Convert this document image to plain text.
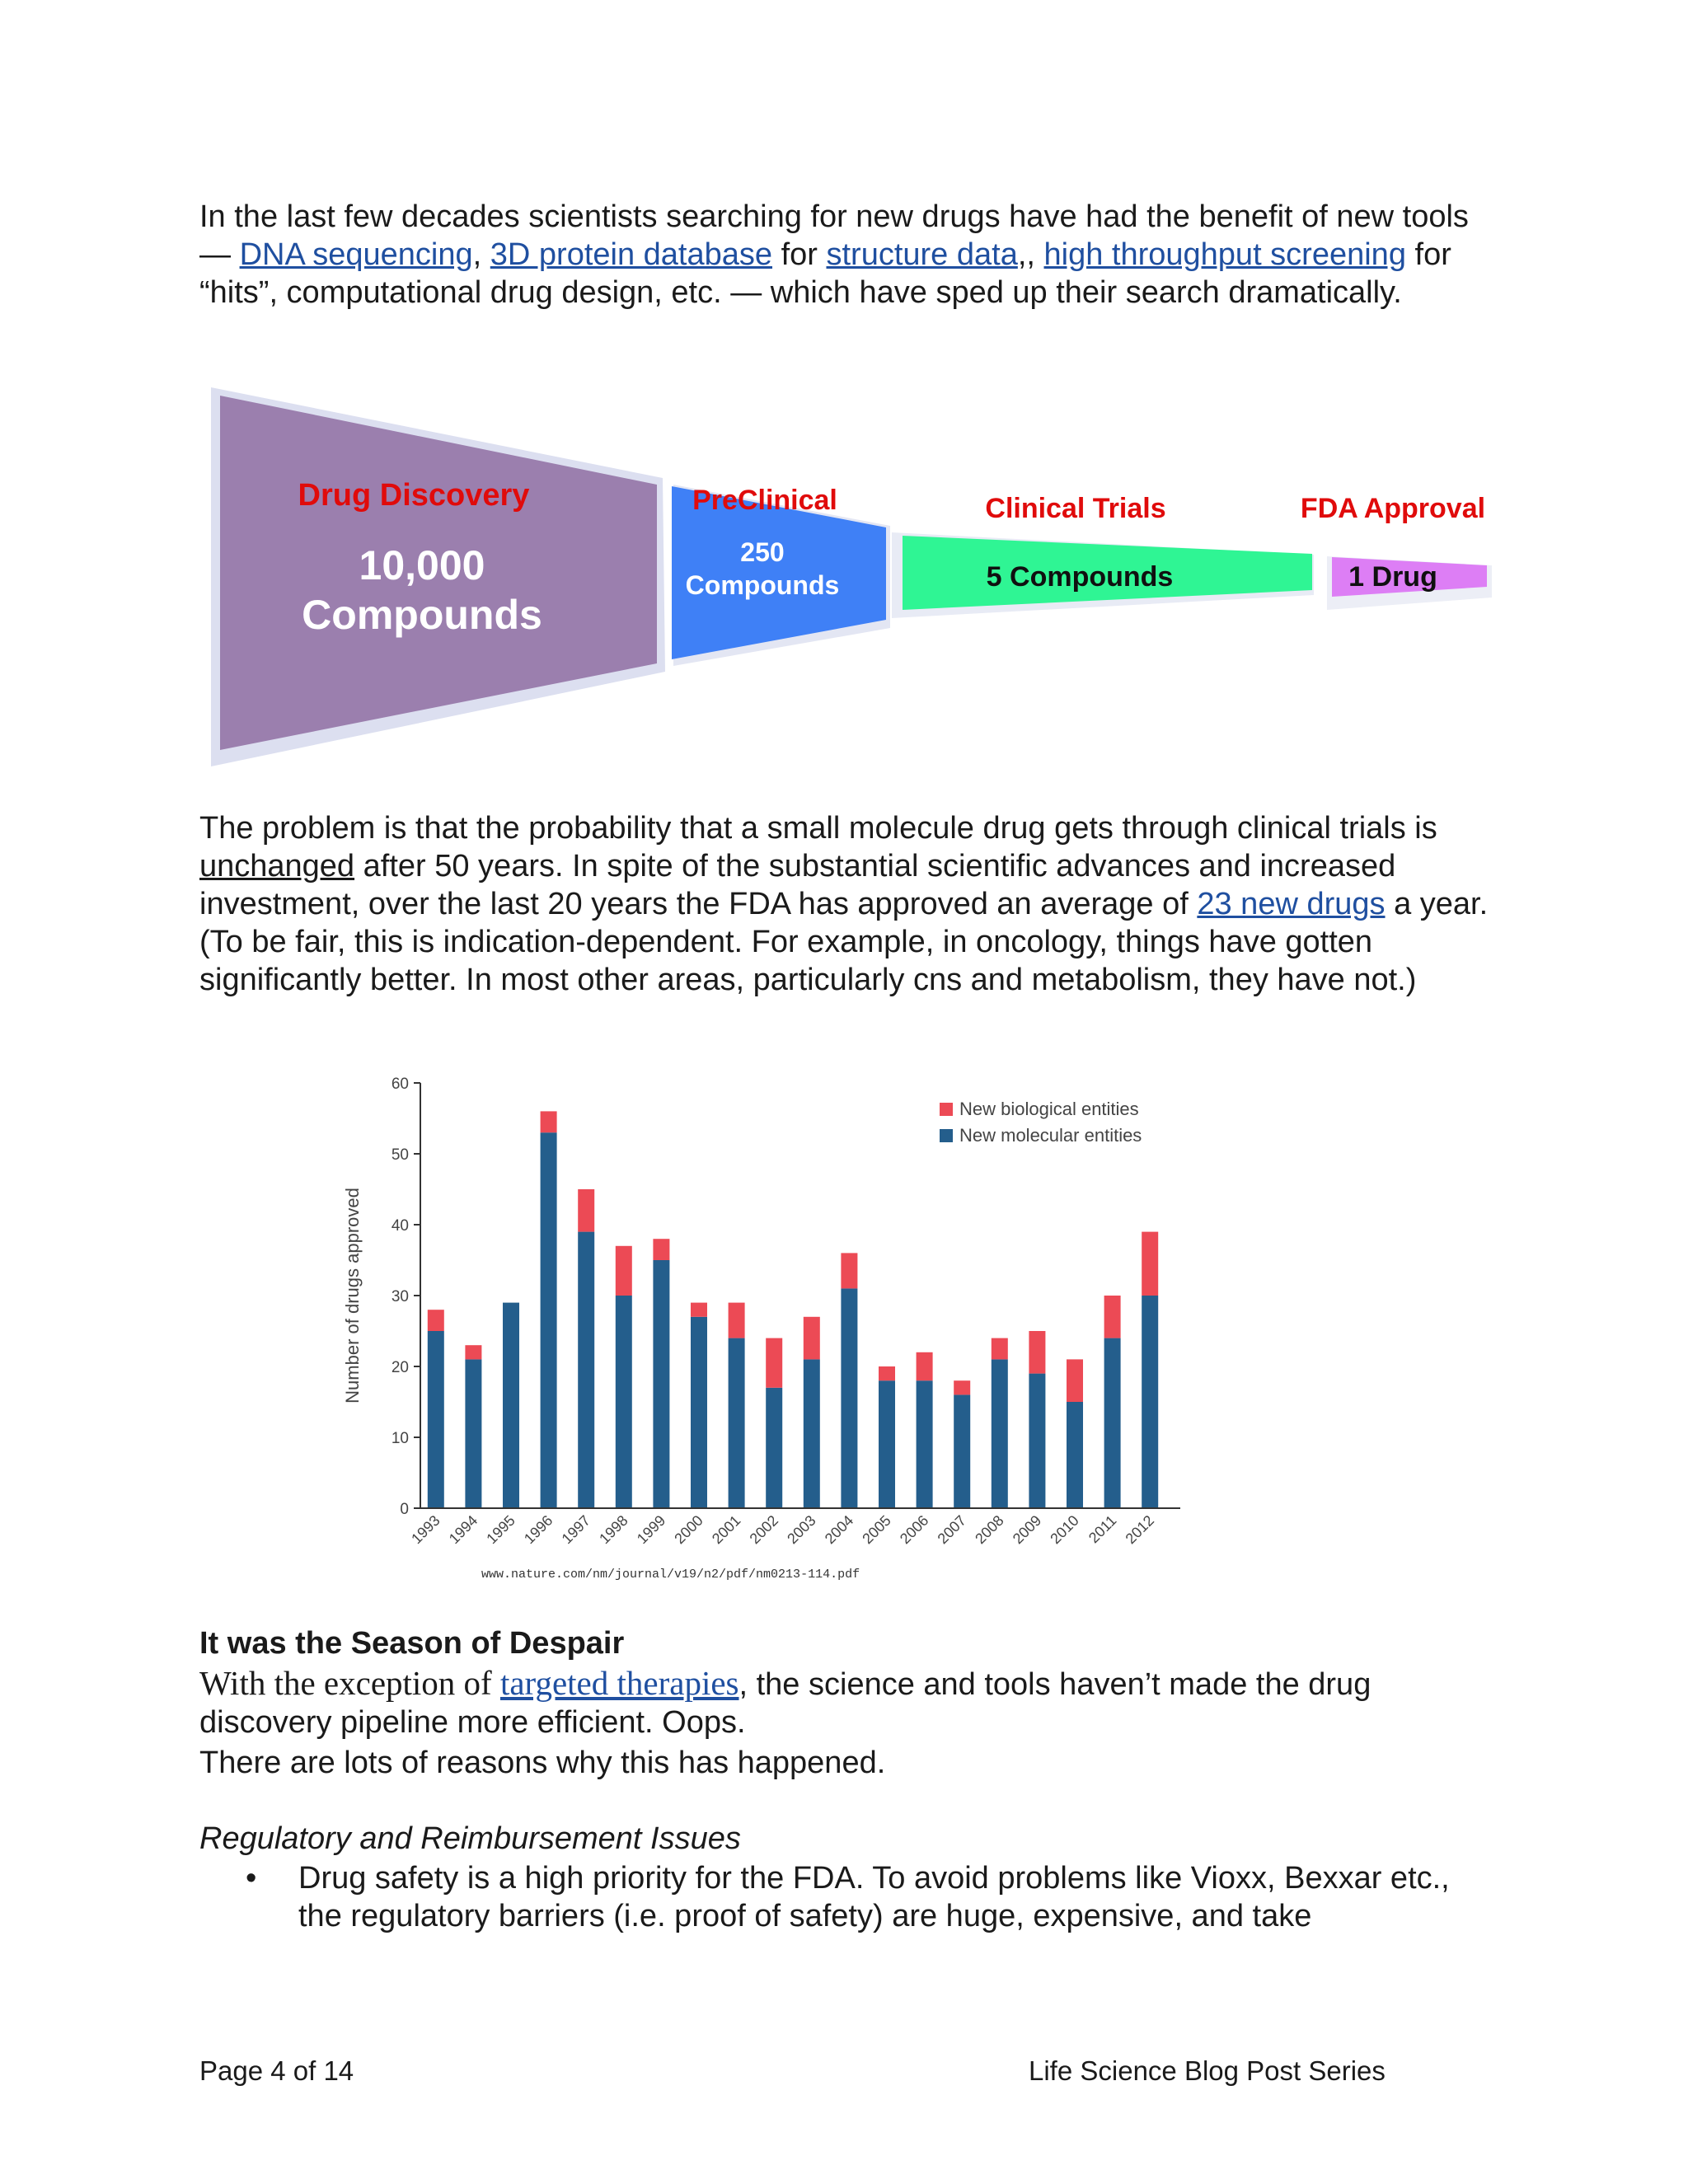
In the last few decades scientists searching for new drugs have had the benefit of new tools — DNA sequencing, 3D protein database for structure data,, high throughput screening for “hits”, computational drug design, etc. — which have sped up their search dramatically.

Drug Discovery
10,000
Compounds
PreClinical
250
Compounds
Clinical Trials
5 Compounds
FDA Approval
1 Drug

The problem is that the probability that a small molecule drug gets through clinical trials is unchanged after 50 years. In spite of the substantial scientific advances and increased investment, over the last 20 years the FDA has approved an average of 23 new drugs a year. (To be fair, this is indication-dependent. For example, in oncology, things have gotten significantly better. In most other areas, particularly cns and metabolism, they have not.)

0
10
20
30
40
50
60
1993 1994 1995 1996 1997 1998 1999 2000 2001 2002 2003 2004 2005 2006 2007 2008 2009 2010 2011 2012
Number of drugs approved
New biological entities
New molecular entities
www.nature.com/nm/journal/v19/n2/pdf/nm0213-114.pdf
It was the Season of Despair

With the exception of targeted therapies, the science and tools haven’t made the drug discovery pipeline more efficient. Oops.

There are lots of reasons why this has happened.

Regulatory and Reimbursement Issues

• Drug safety is a high priority for the FDA. To avoid problems like Vioxx, Bexxar etc., the regulatory barriers (i.e. proof of safety) are huge, expensive, and take
Page 4 of 14	Life Science Blog Post Series
